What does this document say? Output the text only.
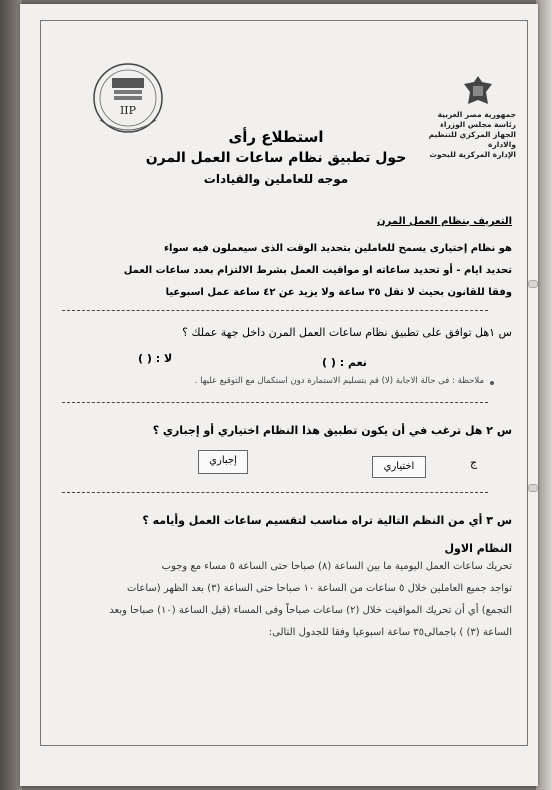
IIP	جمهورية مصر العربية
رئاسة مجلس الوزراء
الجهاز المركزي للتنظيم والادارة
الإدارة المركزية للبحوث
استطلاع رأى
حول تطبيق نظام ساعات العمل المرن
موجه للعاملين والقيادات
التعريف بنظام العمل المرن
هو نظام إختيارى يسمح للعاملين بتحديد الوقت الذى سيعملون فيه سواء
تحديد ايام - أو تحديد ساعاته او مواقيت العمل بشرط الالتزام بعدد ساعات العمل
وفقا للقانون بحيث لا تقل ٣٥ ساعة ولا يزيد عن ٤٢ ساعة عمل اسبوعيا
س ١هل توافق على تطبيق نظام ساعات العمل المرن داخل جهة عملك ؟
نعم : ( )
لا : ( )
ملاحظة : فى حالة الاجابة (لا) قم بتسليم الاستمارة دون استكمال مع التوقيع عليها .
س ٢ هل ترغب في أن يكون تطبيق هذا النظام اختياري أو إجباري ؟
ج
اختياري
إجباري
س ٣ أي من النظم التالية تراه مناسب لتقسيم ساعات العمل وأيامه ؟
النظام الاول
تحريك ساعات العمل اليومية ما بين الساعة (٨) صباحا حتى الساعة ٥ مساء مع وجوب
تواجد جميع العاملين خلال ٥ ساعات من الساعة ١٠ صباحا حتى الساعة (٣) بعد الظهر (ساعات
التجمع) أي أن تحريك المواقيت خلال (٢) ساعات صباحاً وفى المساء (قبل الساعة (١٠) صباحا وبعد
الساعة (٣) ) باجمالى٣٥ ساعة اسبوعيا وفقا للجدول التالى:
